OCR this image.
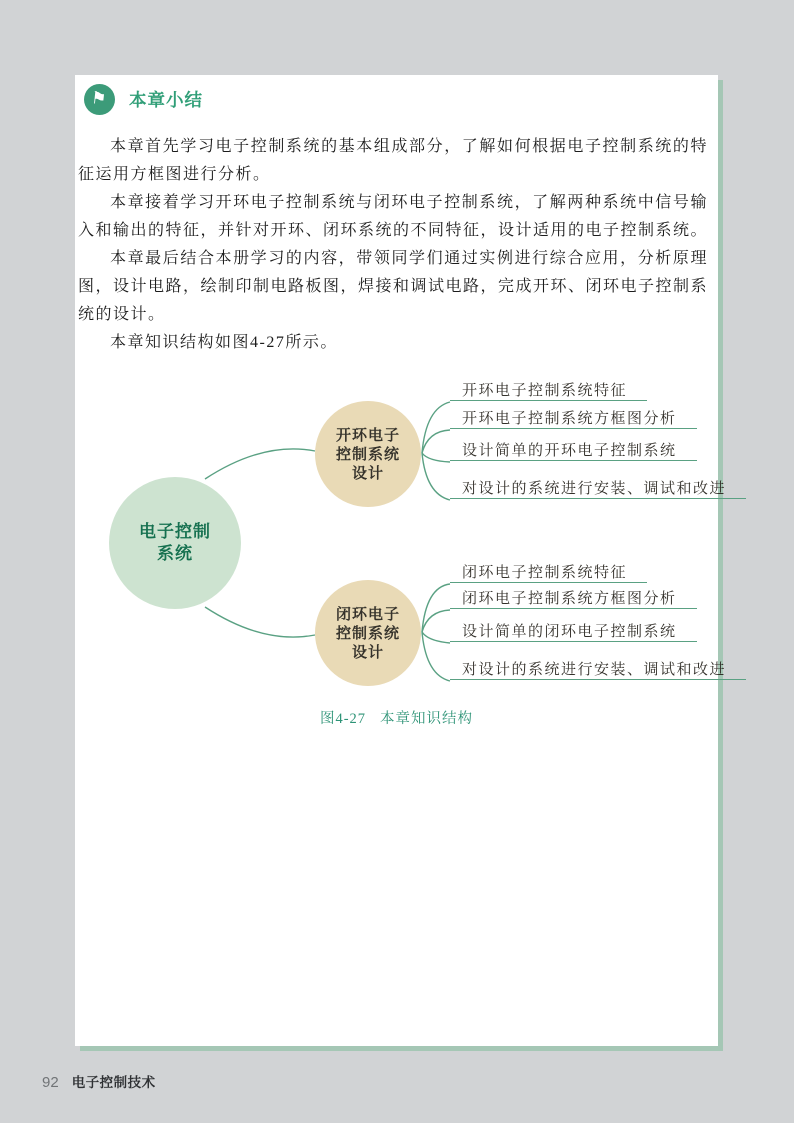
⚑ 本章小结

本章首先学习电子控制系统的基本组成部分，了解如何根据电子控制系统的特征运用方框图进行分析。

本章接着学习开环电子控制系统与闭环电子控制系统，了解两种系统中信号输入和输出的特征，并针对开环、闭环系统的不同特征，设计适用的电子控制系统。

本章最后结合本册学习的内容，带领同学们通过实例进行综合应用，分析原理图，设计电路，绘制印制电路板图，焊接和调试电路，完成开环、闭环电子控制系统的设计。

本章知识结构如图4-27所示。

电子控制
系统
开环电子
控制系统
设计
闭环电子
控制系统
设计
开环电子控制系统特征
开环电子控制系统方框图分析
设计简单的开环电子控制系统
对设计的系统进行安装、调试和改进
闭环电子控制系统特征
闭环电子控制系统方框图分析
设计简单的闭环电子控制系统
对设计的系统进行安装、调试和改进
图4-27 本章知识结构
92 电子控制技术
